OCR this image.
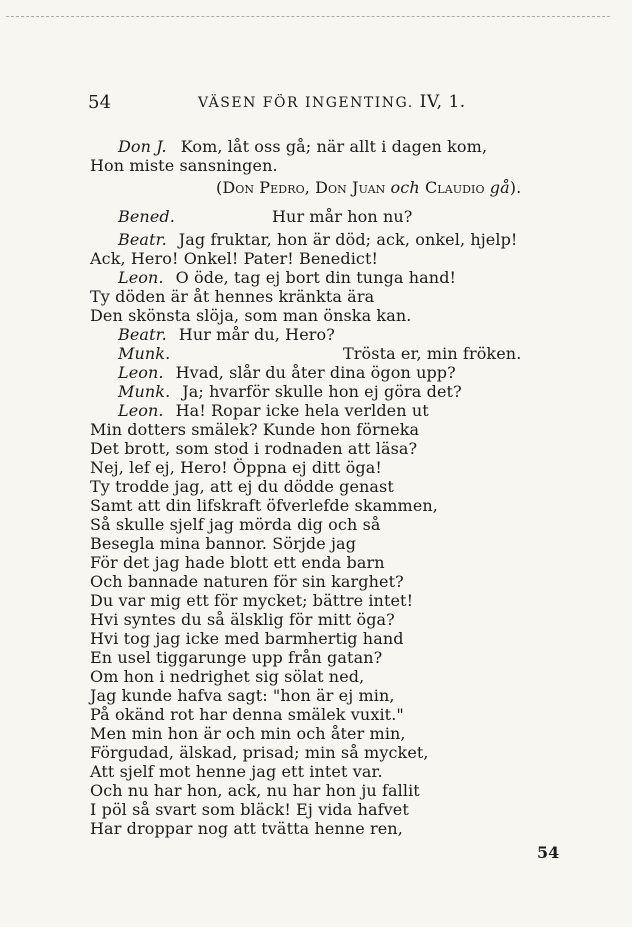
54	VÄSEN FÖR INGENTING. IV, 1.
Don J. Kom, låt oss gå; när allt i dagen kom,
Hon miste sansningen.
(Don Pedro, Don Juan och Claudio gå).
Bened.	Hur mår hon nu?
Beatr. Jag fruktar, hon är död; ack, onkel, hjelp!
Ack, Hero! Onkel! Pater! Benedict!
Leon. O öde, tag ej bort din tunga hand!
Ty döden är åt hennes kränkta ära
Den skönsta slöja, som man önska kan.
Beatr. Hur mår du, Hero?
Munk.	Trösta er, min fröken.
Leon. Hvad, slår du åter dina ögon upp?
Munk. Ja; hvarför skulle hon ej göra det?
Leon. Ha! Ropar icke hela verlden ut
Min dotters smälek? Kunde hon förneka
Det brott, som stod i rodnaden att läsa?
Nej, lef ej, Hero! Öppna ej ditt öga!
Ty trodde jag, att ej du dödde genast
Samt att din lifskraft öfverlefde skammen,
Så skulle sjelf jag mörda dig och så
Besegla mina bannor. Sörjde jag
För det jag hade blott ett enda barn
Och bannade naturen för sin karghet?
Du var mig ett för mycket; bättre intet!
Hvi syntes du så älsklig för mitt öga?
Hvi tog jag icke med barmhertig hand
En usel tiggarunge upp från gatan?
Om hon i nedrighet sig sölat ned,
Jag kunde hafva sagt: "hon är ej min,
På okänd rot har denna smälek vuxit."
Men min hon är och min och åter min,
Förgudad, älskad, prisad; min så mycket,
Att sjelf mot henne jag ett intet var.
Och nu har hon, ack, nu har hon ju fallit
I pöl så svart som bläck! Ej vida hafvet
Har droppar nog att tvätta henne ren,
54
